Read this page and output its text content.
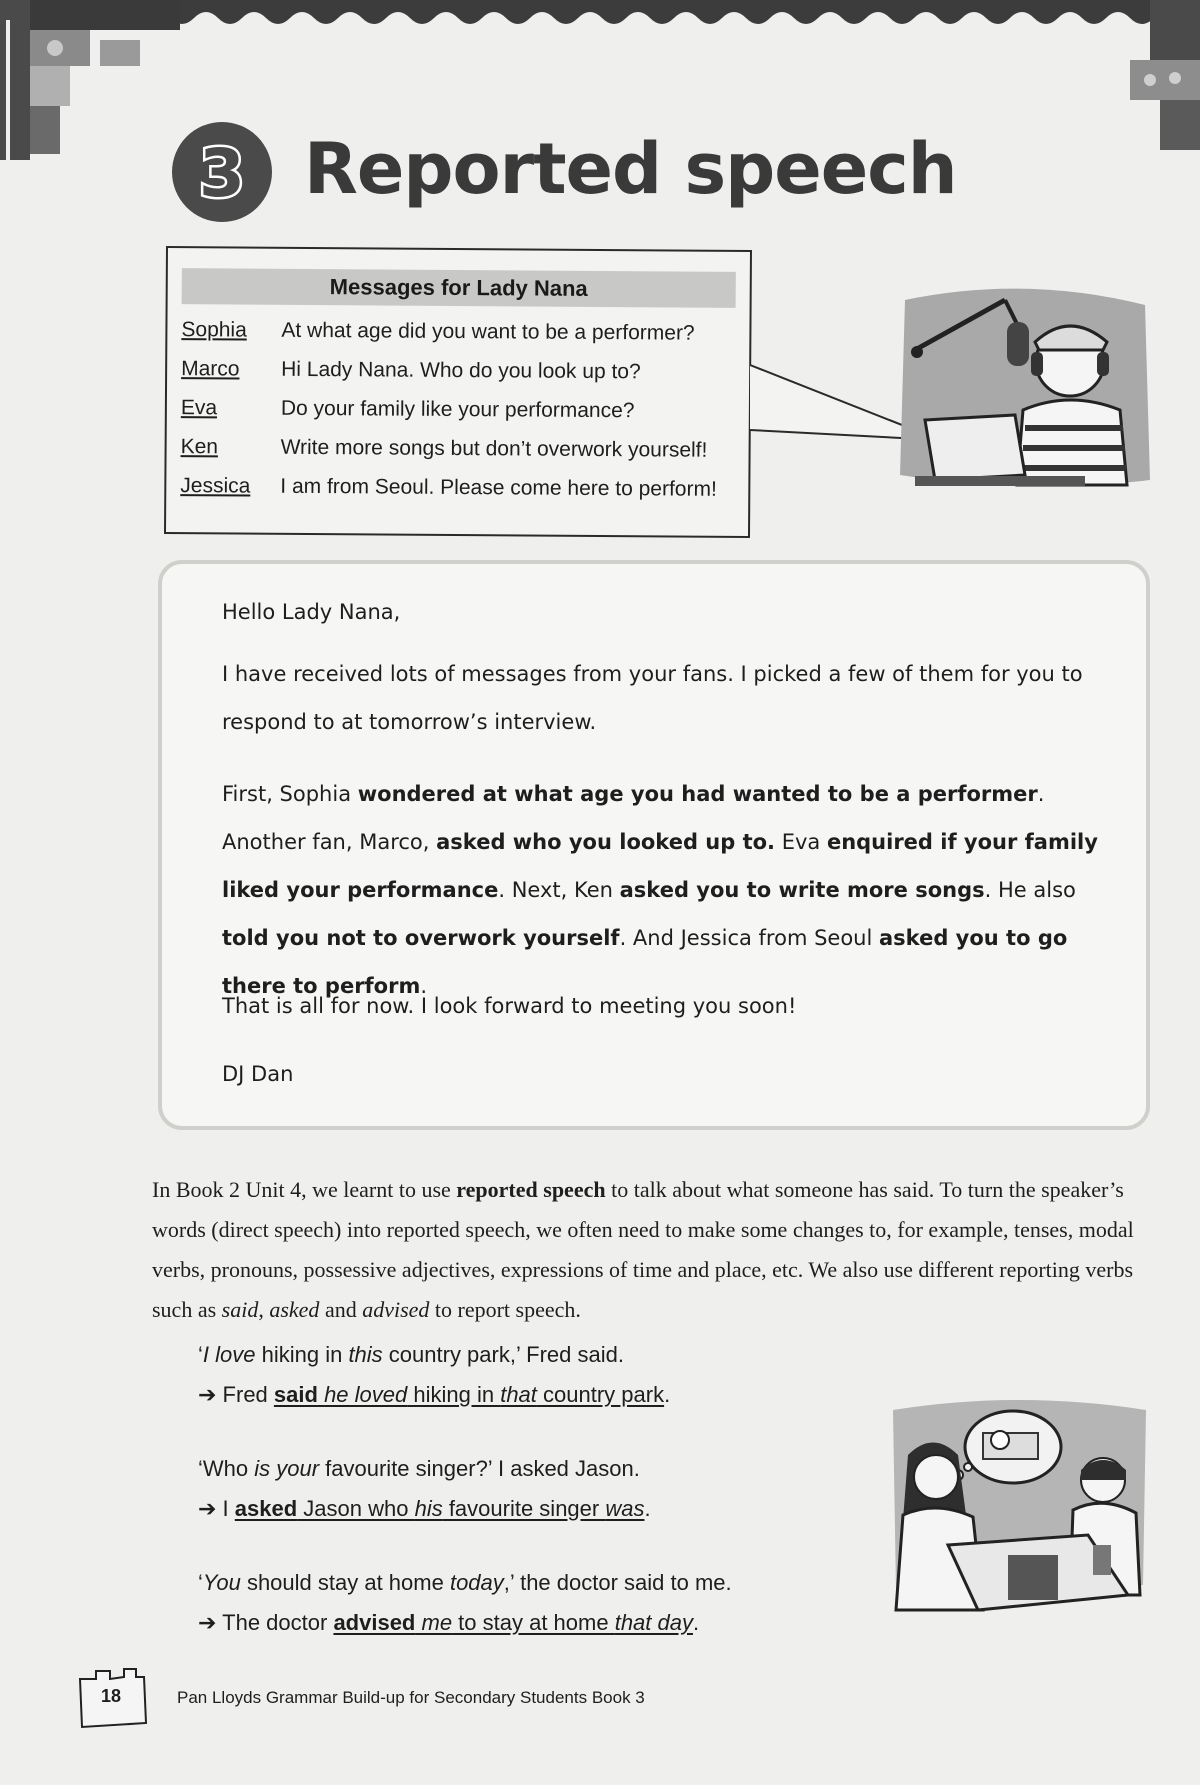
3 Reported speech
Messages for Lady Nana
Sophia	At what age did you want to be a performer?
Marco	Hi Lady Nana. Who do you look up to?
Eva	Do your family like your performance?
Ken	Write more songs but don’t overwork yourself!
Jessica	I am from Seoul. Please come here to perform!

Hello Lady Nana,

I have received lots of messages from your fans. I picked a few of them for you to respond to at tomorrow’s interview.

First, Sophia wondered at what age you had wanted to be a performer. Another fan, Marco, asked who you looked up to. Eva enquired if your family liked your performance. Next, Ken asked you to write more songs. He also told you not to overwork yourself. And Jessica from Seoul asked you to go there to perform.

That is all for now. I look forward to meeting you soon!

DJ Dan

In Book 2 Unit 4, we learnt to use reported speech to talk about what someone has said. To turn the speaker’s words (direct speech) into reported speech, we often need to make some changes to, for example, tenses, modal verbs, pronouns, possessive adjectives, expressions of time and place, etc. We also use different reporting verbs such as said, asked and advised to report speech.

‘I love hiking in this country park,’ Fred said.

➔ Fred said he loved hiking in that country park.

‘Who is your favourite singer?’ I asked Jason.

➔ I asked Jason who his favourite singer was.

‘You should stay at home today,’ the doctor said to me.

➔ The doctor advised me to stay at home that day.

18	Pan Lloyds Grammar Build-up for Secondary Students Book 3
